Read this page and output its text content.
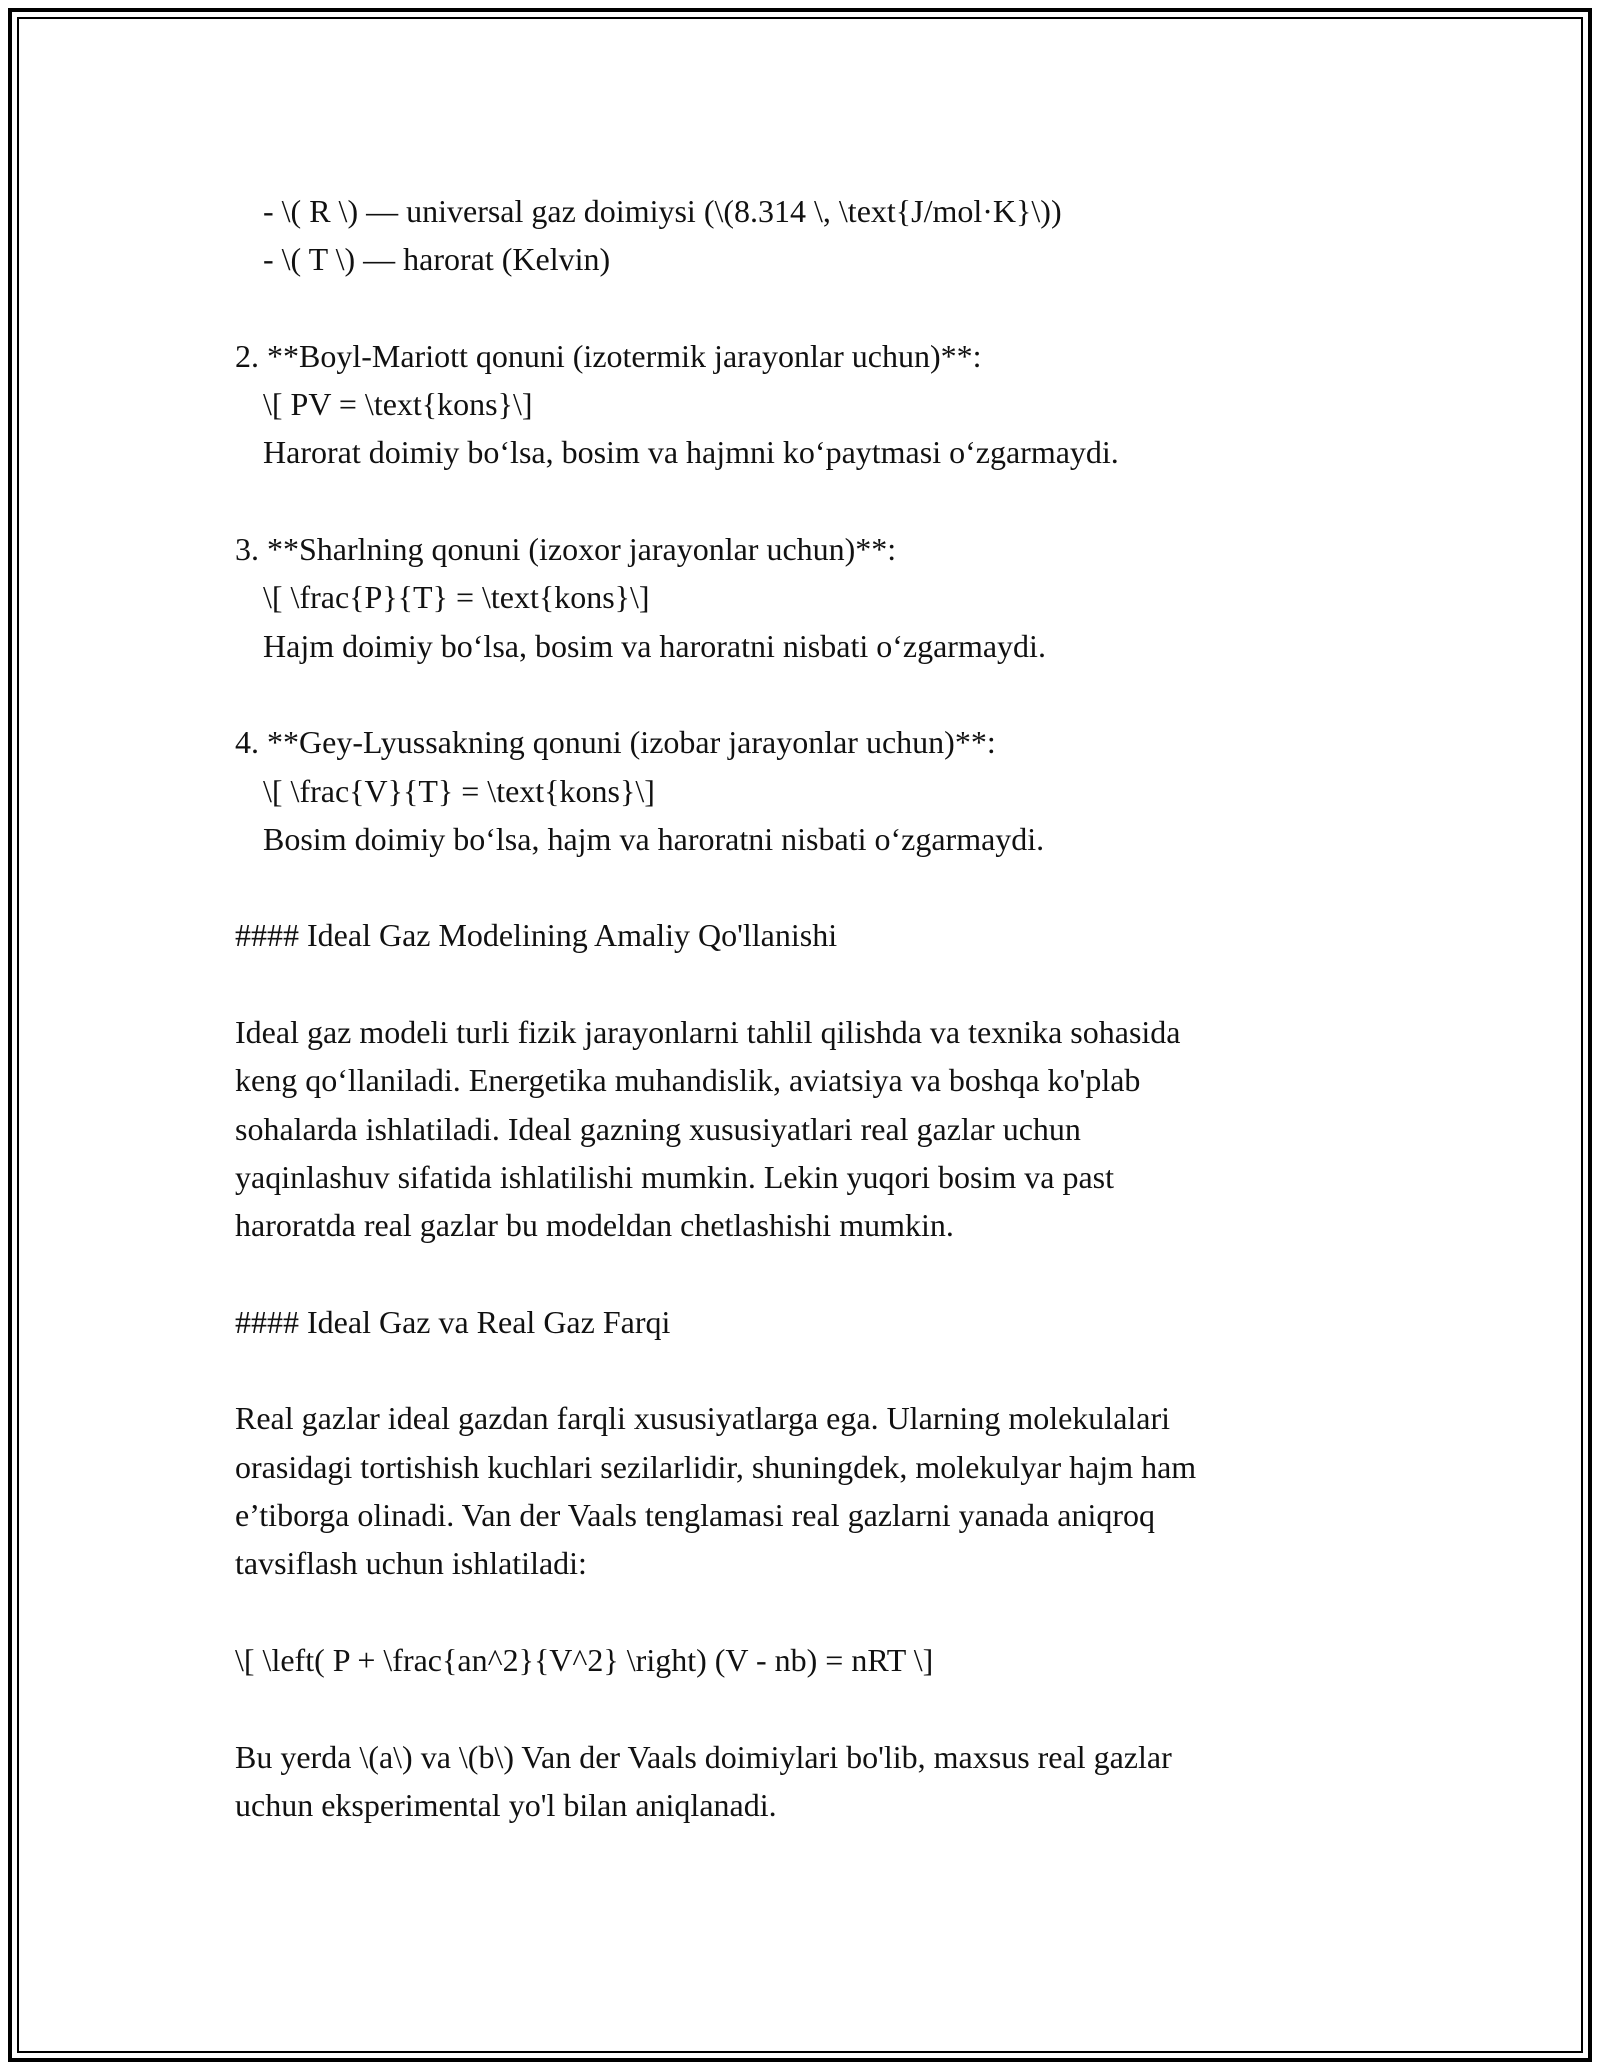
- \( R \) — universal gaz doimiysi (\(8.314 \, \text{J/mol·K}\))
- \( T \) — harorat (Kelvin)
2. **Boyl-Mariott qonuni (izotermik jarayonlar uchun)**:
\[ PV = \text{kons}\]
Harorat doimiy bo‘lsa, bosim va hajmni ko‘paytmasi o‘zgarmaydi.
3. **Sharlning qonuni (izoxor jarayonlar uchun)**:
\[ \frac{P}{T} = \text{kons}\]
Hajm doimiy bo‘lsa, bosim va haroratni nisbati o‘zgarmaydi.
4. **Gey-Lyussakning qonuni (izobar jarayonlar uchun)**:
\[ \frac{V}{T} = \text{kons}\]
Bosim doimiy bo‘lsa, hajm va haroratni nisbati o‘zgarmaydi.
#### Ideal Gaz Modelining Amaliy Qo'llanishi
Ideal gaz modeli turli fizik jarayonlarni tahlil qilishda va texnika sohasida
keng qo‘llaniladi. Energetika muhandislik, aviatsiya va boshqa ko'plab
sohalarda ishlatiladi. Ideal gazning xususiyatlari real gazlar uchun
yaqinlashuv sifatida ishlatilishi mumkin. Lekin yuqori bosim va past
haroratda real gazlar bu modeldan chetlashishi mumkin.
#### Ideal Gaz va Real Gaz Farqi
Real gazlar ideal gazdan farqli xususiyatlarga ega. Ularning molekulalari
orasidagi tortishish kuchlari sezilarlidir, shuningdek, molekulyar hajm ham
e’tiborga olinadi. Van der Vaals tenglamasi real gazlarni yanada aniqroq
tavsiflash uchun ishlatiladi:
\[ \left( P + \frac{an^2}{V^2} \right) (V - nb) = nRT \]
Bu yerda \(a\) va \(b\) Van der Vaals doimiylari bo'lib, maxsus real gazlar
uchun eksperimental yo'l bilan aniqlanadi.
